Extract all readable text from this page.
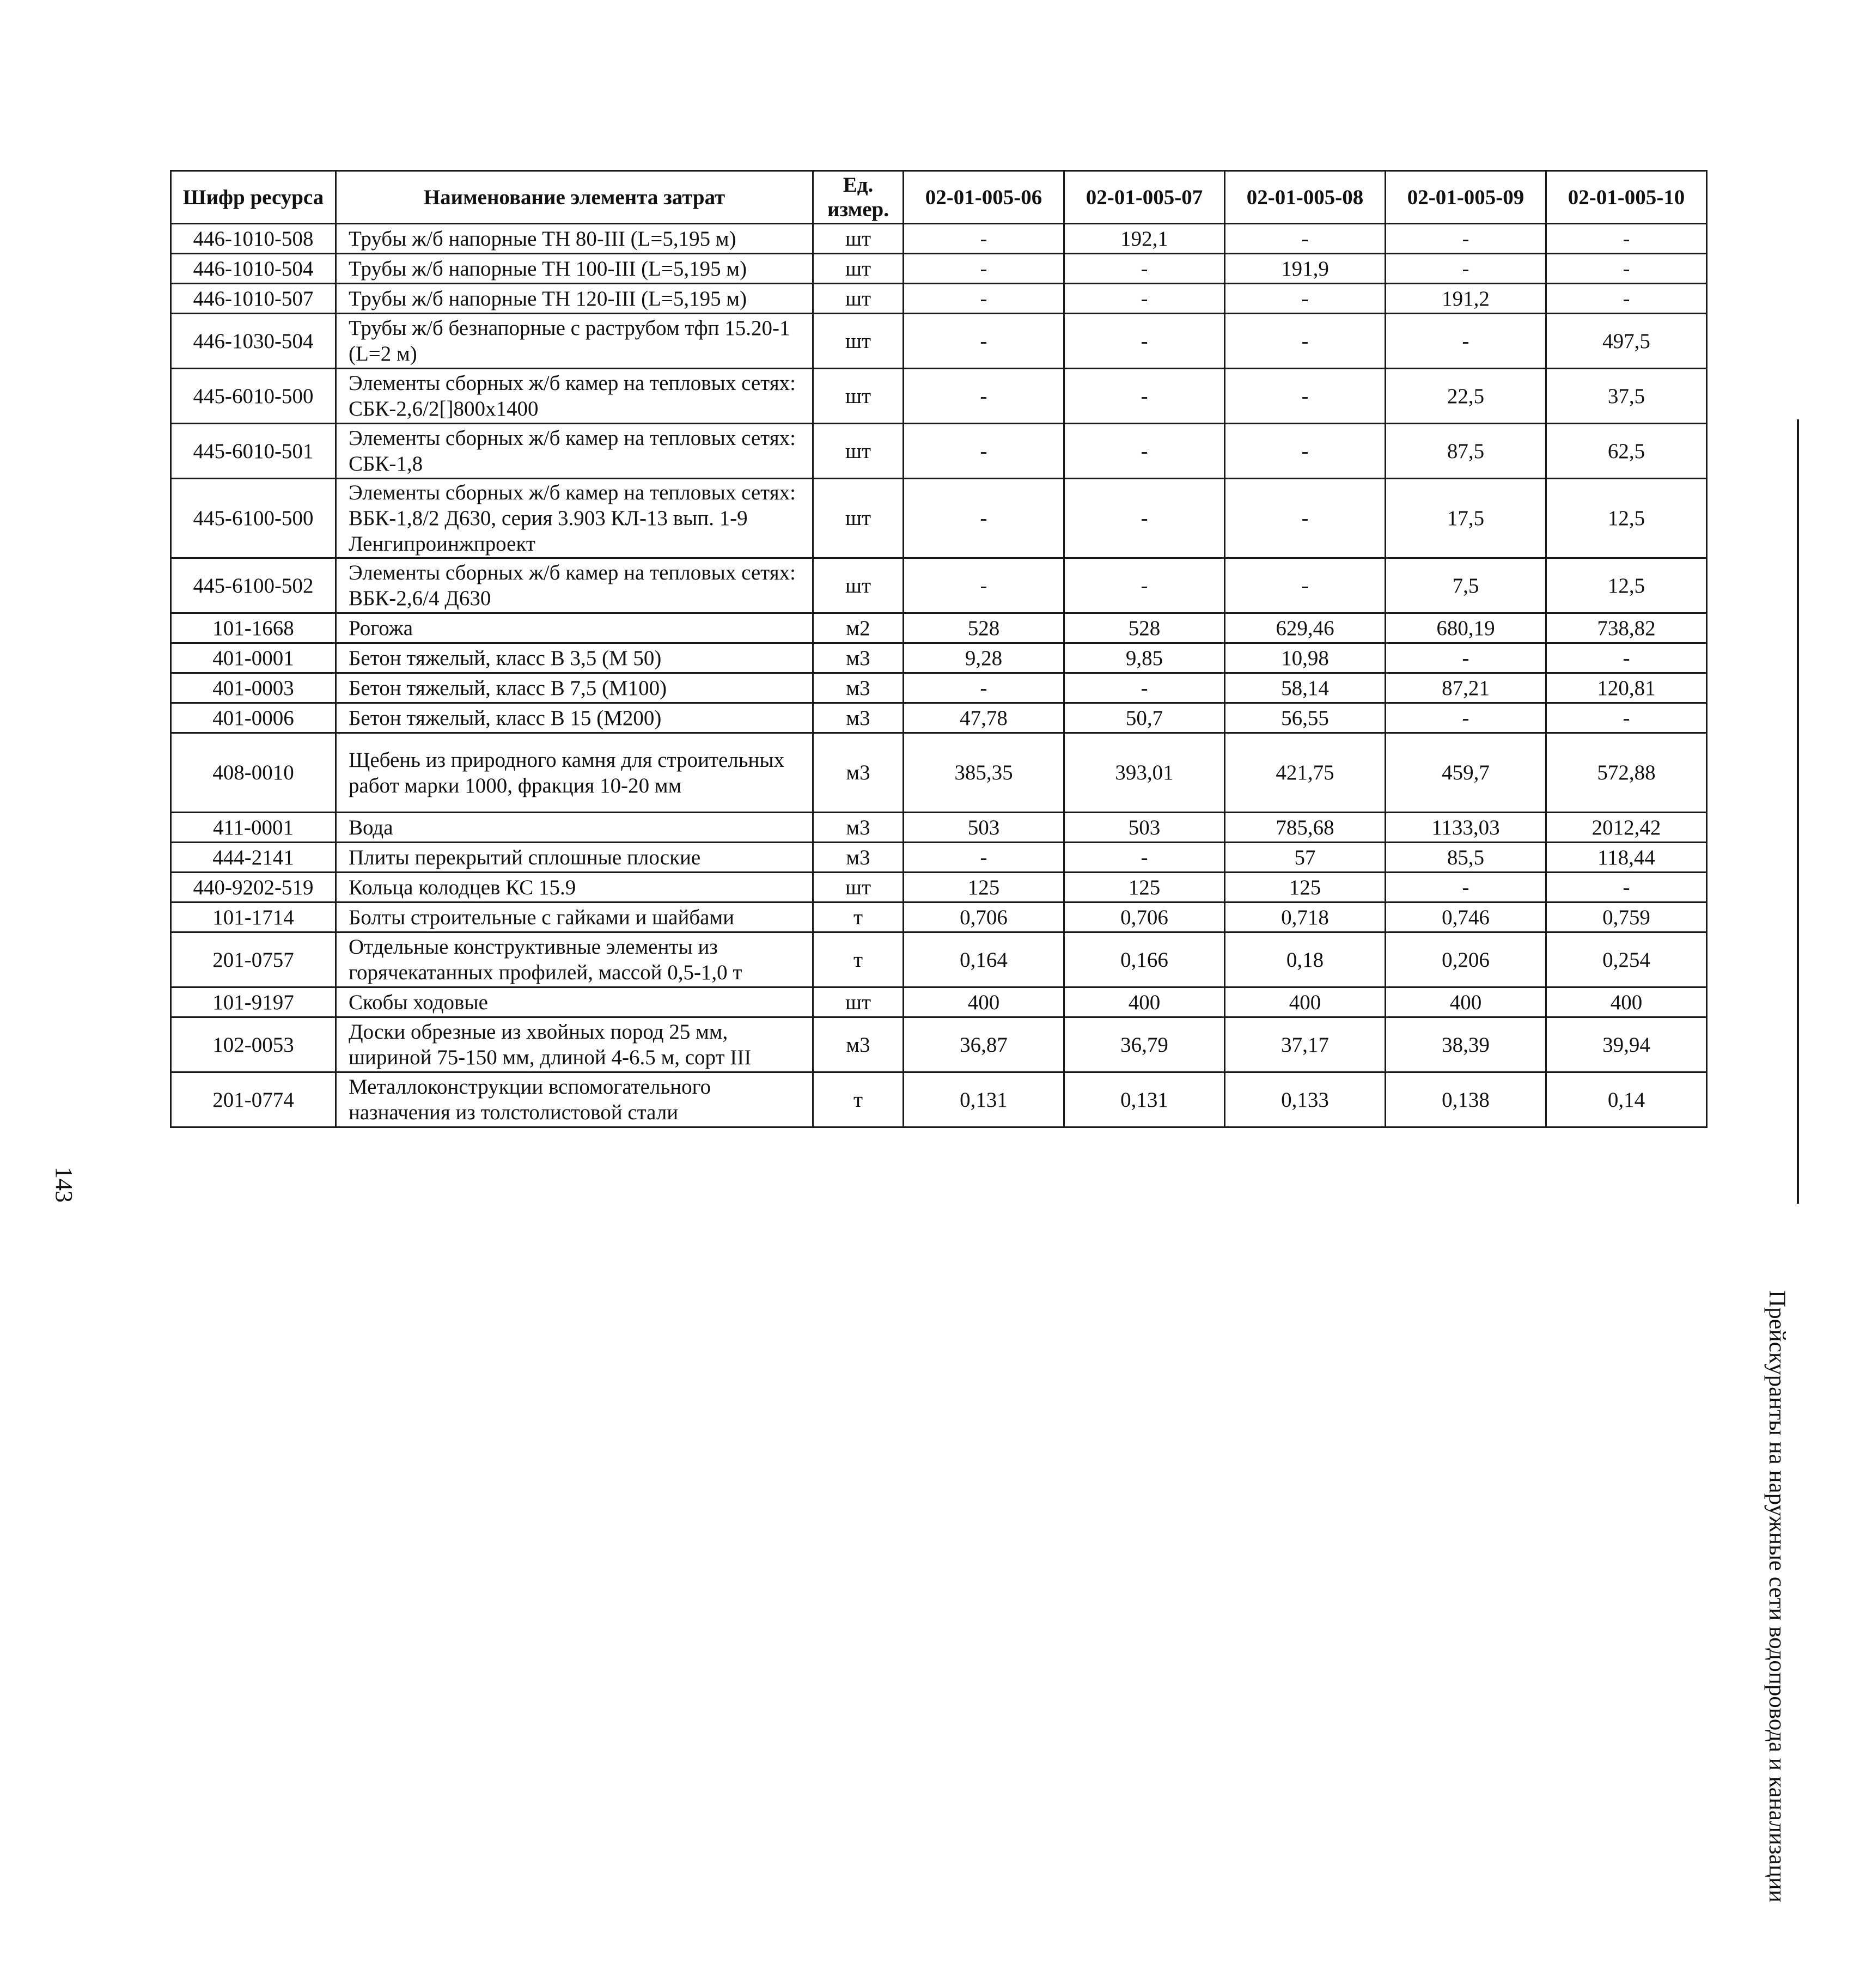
Шифр ресурса	Наименование элемента затрат	Ед. измер.	02-01-005-06	02-01-005-07	02-01-005-08	02-01-005-09	02-01-005-10
446-1010-508	Трубы ж/б напорные ТН 80-III (L=5,195 м)	шт	-	192,1	-	-	-
446-1010-504	Трубы ж/б напорные ТН 100-III (L=5,195 м)	шт	-	-	191,9	-	-
446-1010-507	Трубы ж/б напорные ТН 120-III (L=5,195 м)	шт	-	-	-	191,2	-
446-1030-504	Трубы ж/б безнапорные с раструбом тфп 15.20-1 (L=2 м)	шт	-	-	-	-	497,5
445-6010-500	Элементы сборных ж/б камер на тепловых сетях: СБК-2,6/2[]800х1400	шт	-	-	-	22,5	37,5
445-6010-501	Элементы сборных ж/б камер на тепловых сетях: СБК-1,8	шт	-	-	-	87,5	62,5
445-6100-500	Элементы сборных ж/б камер на тепловых сетях: ВБК-1,8/2 Д630, серия 3.903 КЛ-13 вып. 1-9 Ленгипроинжпроект	шт	-	-	-	17,5	12,5
445-6100-502	Элементы сборных ж/б камер на тепловых сетях: ВБК-2,6/4 Д630	шт	-	-	-	7,5	12,5
101-1668	Рогожа	м2	528	528	629,46	680,19	738,82
401-0001	Бетон тяжелый, класс В 3,5 (М 50)	м3	9,28	9,85	10,98	-	-
401-0003	Бетон тяжелый, класс В 7,5 (М100)	м3	-	-	58,14	87,21	120,81
401-0006	Бетон тяжелый, класс В 15 (М200)	м3	47,78	50,7	56,55	-	-
408-0010	Щебень из природного камня для строительных работ марки 1000, фракция 10-20 мм	м3	385,35	393,01	421,75	459,7	572,88
411-0001	Вода	м3	503	503	785,68	1133,03	2012,42
444-2141	Плиты перекрытий сплошные плоские	м3	-	-	57	85,5	118,44
440-9202-519	Кольца колодцев КС 15.9	шт	125	125	125	-	-
101-1714	Болты строительные с гайками и шайбами	т	0,706	0,706	0,718	0,746	0,759
201-0757	Отдельные конструктивные элементы из горячекатанных профилей, массой 0,5-1,0 т	т	0,164	0,166	0,18	0,206	0,254
101-9197	Скобы ходовые	шт	400	400	400	400	400
102-0053	Доски обрезные из хвойных пород 25 мм, шириной 75-150 мм, длиной 4-6.5 м, сорт III	м3	36,87	36,79	37,17	38,39	39,94
201-0774	Металлоконструкции вспомогательного назначения из толстолистовой стали	т	0,131	0,131	0,133	0,138	0,14
Прейскуранты на наружные сети водопровода и канализации
143
